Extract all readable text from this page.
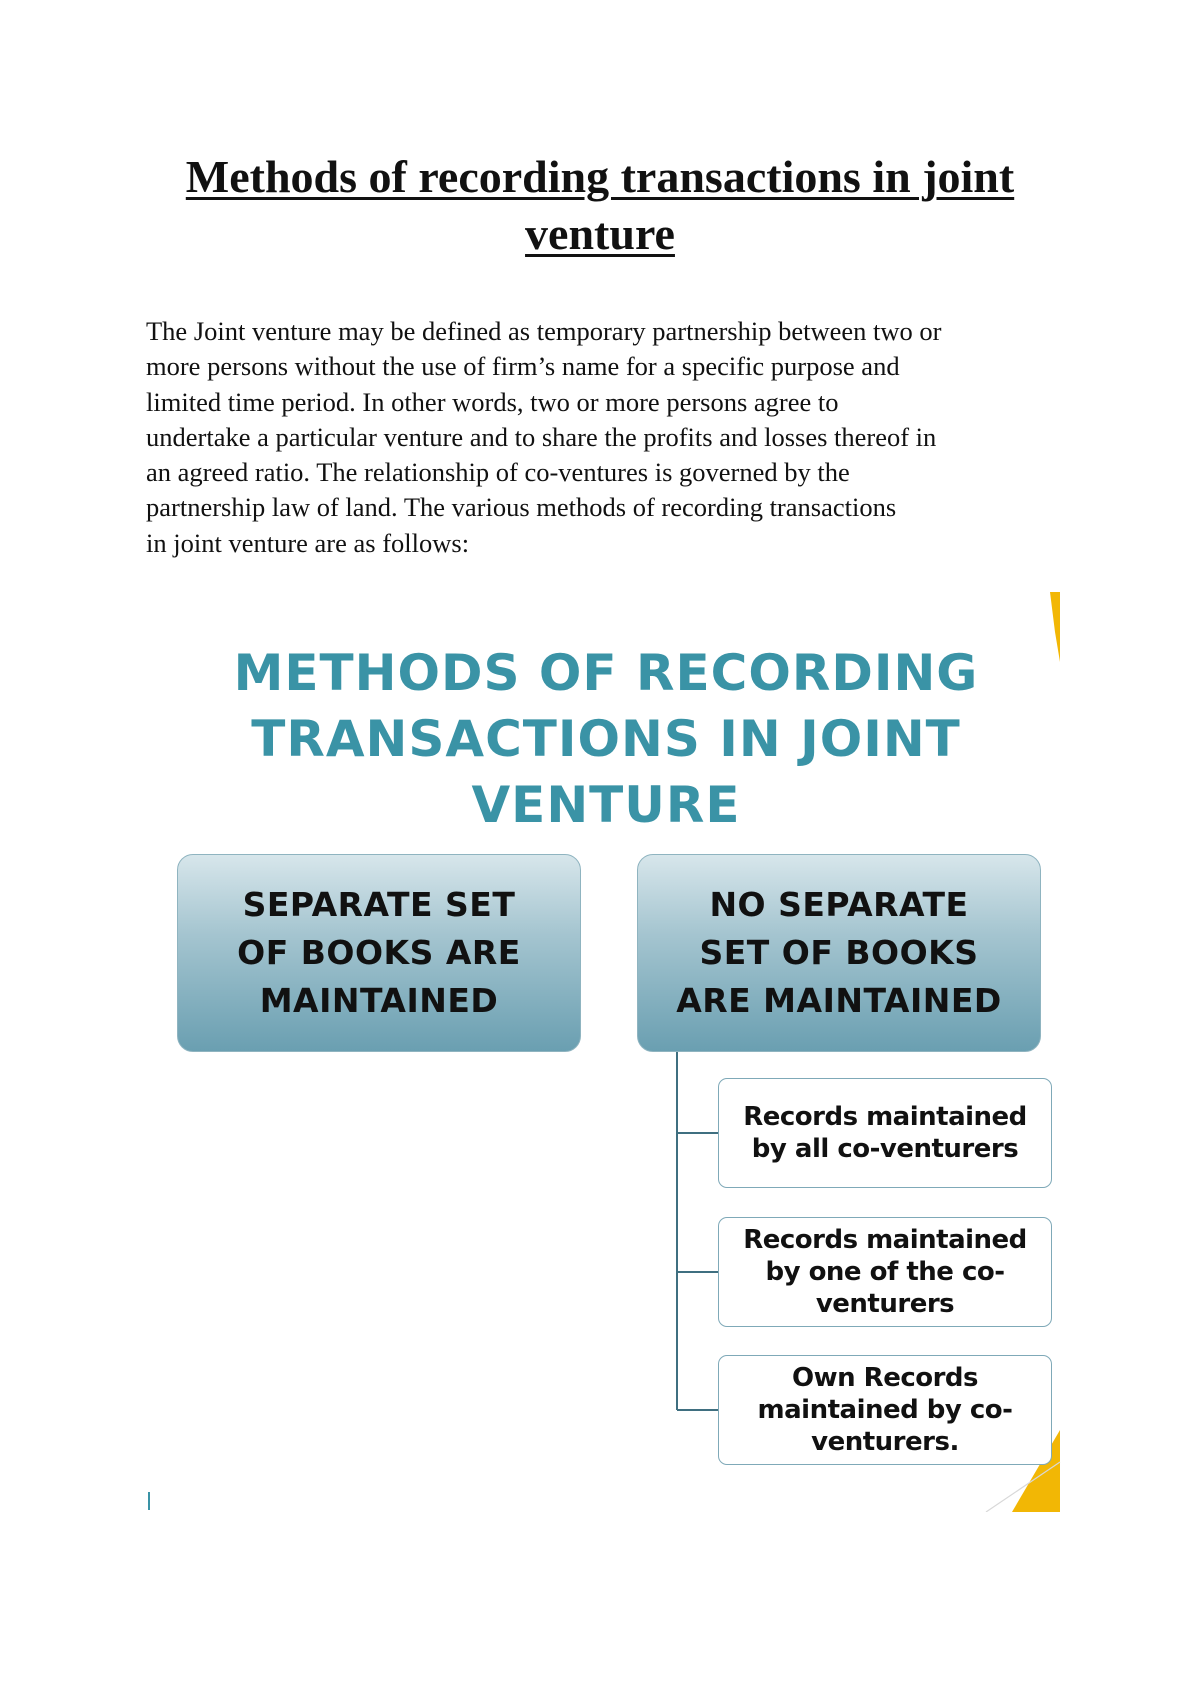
Methods of recording transactions in joint
venture

The Joint venture may be defined as temporary partnership between two or
more persons without the use of firm’s name for a specific purpose and
limited time period. In other words, two or more persons agree to
undertake a particular venture and to share the profits and losses thereof in
an agreed ratio. The relationship of co-ventures is governed by the
partnership law of land. The various methods of recording transactions
in joint venture are as follows:

METHODS OF RECORDING
TRANSACTIONS IN JOINT
VENTURE
SEPARATE SET
OF BOOKS ARE
MAINTAINED
NO SEPARATE
SET OF BOOKS
ARE MAINTAINED
Records maintained
by all co-venturers
Records maintained
by one of the co-
venturers
Own Records
maintained by co-
venturers.
